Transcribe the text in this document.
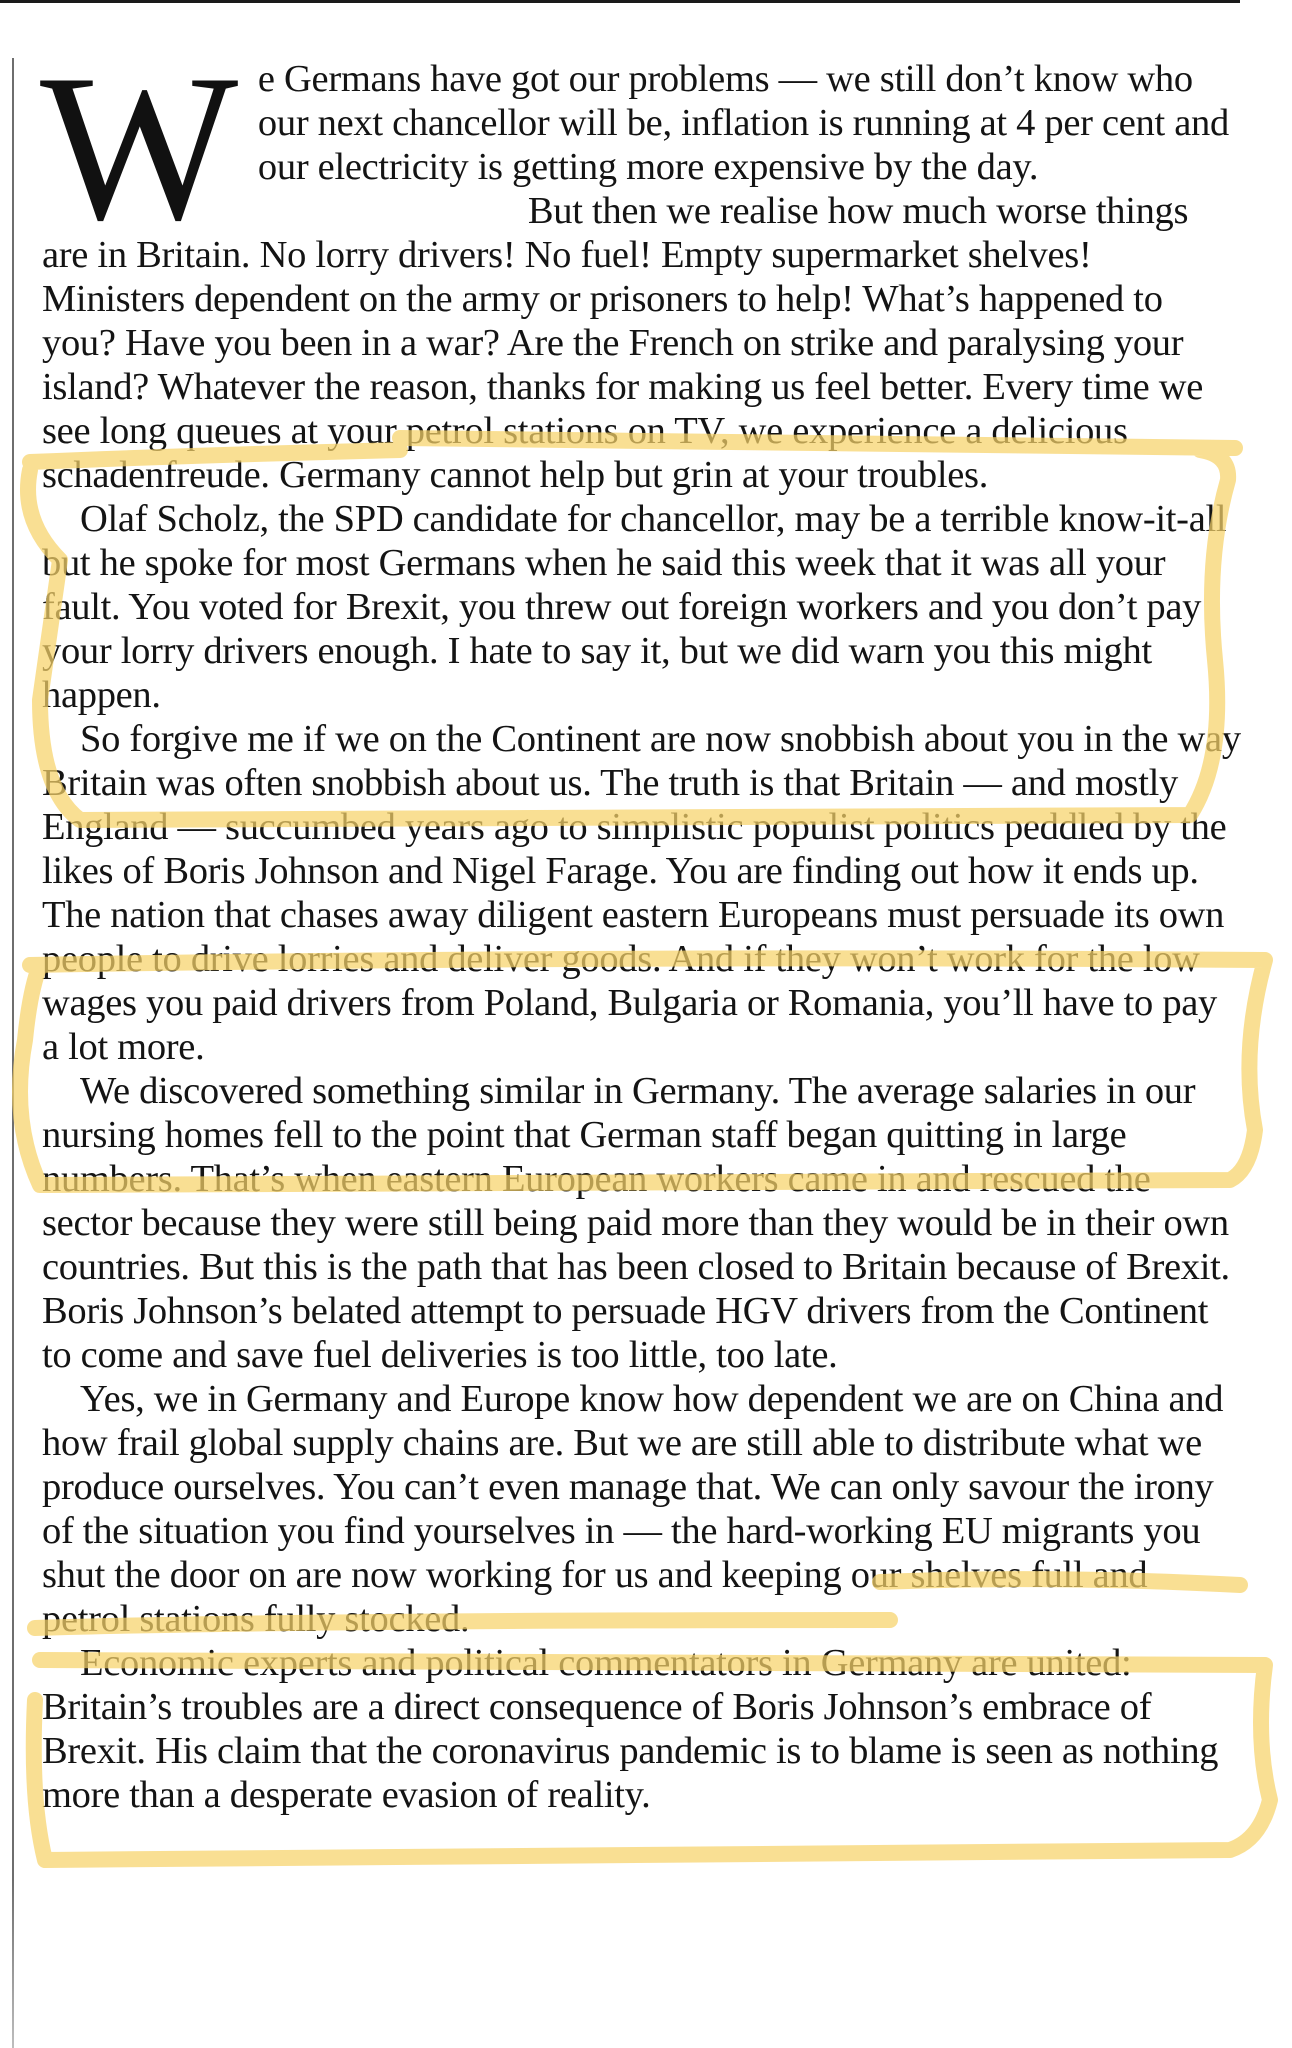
W e Germans have got our problems — we still don’t know who our next chancellor will be, inflation is running at 4 per cent and our electricity is getting more expensive by the day.

But then we realise how much worse things are in Britain. No lorry drivers! No fuel! Empty supermarket shelves! Ministers dependent on the army or prisoners to help! What’s happened to you? Have you been in a war? Are the French on strike and paralysing your island? Whatever the reason, thanks for making us feel better. Every time we see long queues at your petrol stations on TV, we experience a delicious schadenfreude. Germany cannot help but grin at your troubles.

Olaf Scholz, the SPD candidate for chancellor, may be a terrible know-it-all but he spoke for most Germans when he said this week that it was all your fault. You voted for Brexit, you threw out foreign workers and you don’t pay your lorry drivers enough. I hate to say it, but we did warn you this might happen.

So forgive me if we on the Continent are now snobbish about you in the way Britain was often snobbish about us. The truth is that Britain — and mostly England — succumbed years ago to simplistic populist politics peddled by the likes of Boris Johnson and Nigel Farage. You are finding out how it ends up. The nation that chases away diligent eastern Europeans must persuade its own people to drive lorries and deliver goods. And if they won’t work for the low wages you paid drivers from Poland, Bulgaria or Romania, you’ll have to pay a lot more.

We discovered something similar in Germany. The average salaries in our nursing homes fell to the point that German staff began quitting in large numbers. That’s when eastern European workers came in and rescued the sector because they were still being paid more than they would be in their own countries. But this is the path that has been closed to Britain because of Brexit. Boris Johnson’s belated attempt to persuade HGV drivers from the Continent to come and save fuel deliveries is too little, too late.

Yes, we in Germany and Europe know how dependent we are on China and how frail global supply chains are. But we are still able to distribute what we produce ourselves. You can’t even manage that. We can only savour the irony of the situation you find yourselves in — the hard-working EU migrants you shut the door on are now working for us and keeping our shelves full and petrol stations fully stocked.

Economic experts and political commentators in Germany are united: Britain’s troubles are a direct consequence of Boris Johnson’s embrace of Brexit. His claim that the coronavirus pandemic is to blame is seen as nothing more than a desperate evasion of reality.
